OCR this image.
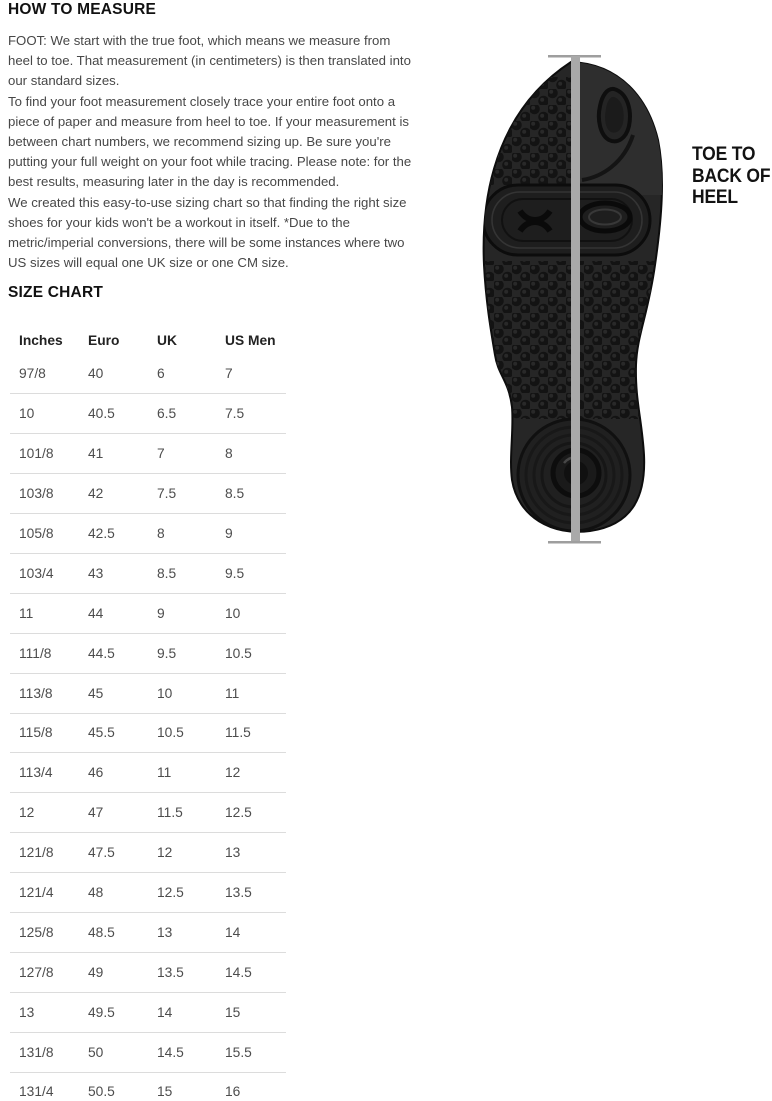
HOW TO MEASURE

FOOT: We start with the true foot, which means we measure from heel to toe. That measurement (in centimeters) is then translated into our standard sizes.

To find your foot measurement closely trace your entire foot onto a piece of paper and measure from heel to toe. If your measurement is between chart numbers, we recommend sizing up. Be sure you're putting your full weight on your foot while tracing. Please note: for the best results, measuring later in the day is recommended.

We created this easy-to-use sizing chart so that finding the right size shoes for your kids won't be a workout in itself. *Due to the metric/imperial conversions, there will be some instances where two US sizes will equal one UK size or one CM size.

SIZE CHART
Inches	Euro	UK	US Men
97/8	40	6	7
10	40.5	6.5	7.5
101/8	41	7	8
103/8	42	7.5	8.5
105/8	42.5	8	9
103/4	43	8.5	9.5
11	44	9	10
111/8	44.5	9.5	10.5
113/8	45	10	11
115/8	45.5	10.5	11.5
113/4	46	11	12
12	47	11.5	12.5
121/8	47.5	12	13
121/4	48	12.5	13.5
125/8	48.5	13	14
127/8	49	13.5	14.5
13	49.5	14	15
131/8	50	14.5	15.5
131/4	50.5	15	16
TOE TO
BACK OF
HEEL
